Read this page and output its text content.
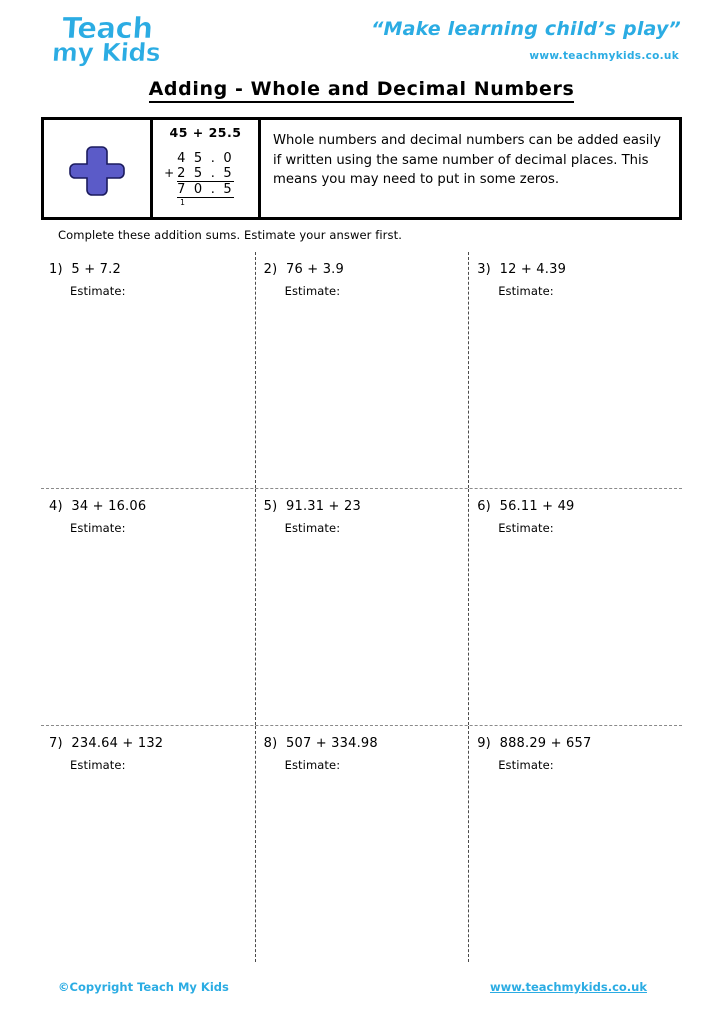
Teach
my Kids
“Make learning child’s play”
www.teachmykids.co.uk
Adding - Whole and Decimal Numbers
45 + 25.5
4 5 . 0
2 5 . 5
+
7 0 . 5
1
Whole numbers and decimal numbers can be added easily if written using the same number of decimal places. This means you may need to put in some zeros.
Complete these addition sums. Estimate your answer first.
1)  5 + 7.2
Estimate:
2)  76 + 3.9
Estimate:
3)  12 + 4.39
Estimate:
4)  34 + 16.06
Estimate:
5)  91.31 + 23
Estimate:
6)  56.11 + 49
Estimate:
7)  234.64 + 132
Estimate:
8)  507 + 334.98
Estimate:
9)  888.29 + 657
Estimate:
©Copyright Teach My Kids	www.teachmykids.co.uk
